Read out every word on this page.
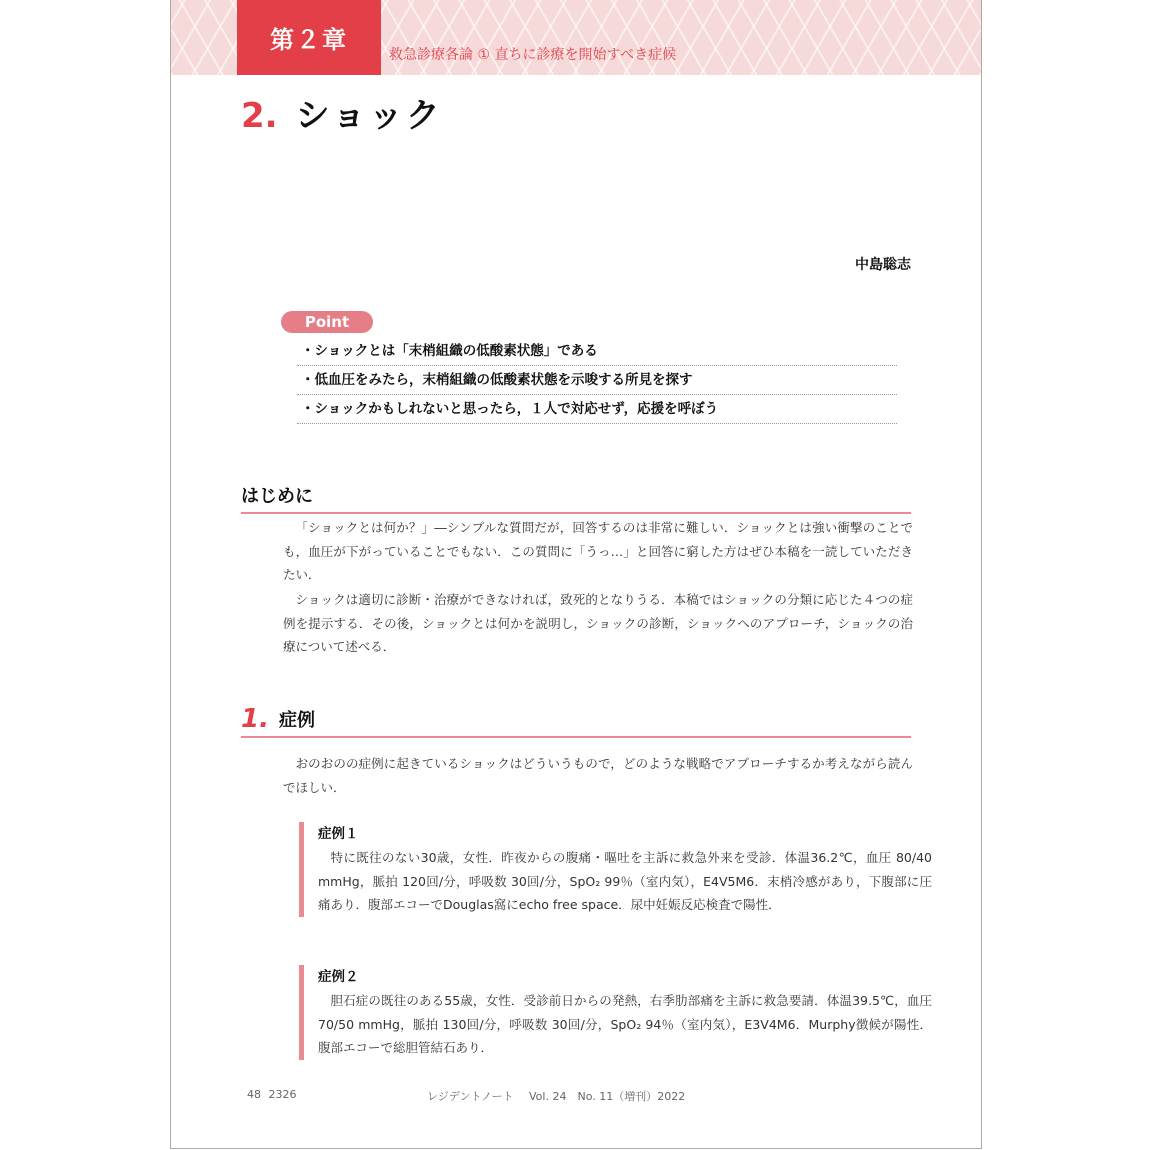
第２章
救急診療各論 ① 直ちに診療を開始すべき症候
2. ショック
中島聡志
Point
・ショックとは「末梢組織の低酸素状態」である
・低血圧をみたら，末梢組織の低酸素状態を示唆する所見を探す
・ショックかもしれないと思ったら，１人で対応せず，応援を呼ぼう
はじめに

「ショックとは何か？」―シンプルな質問だが，回答するのは非常に難しい．ショックとは強い衝撃のことでも，血圧が下がっていることでもない．この質問に「うっ…」と回答に窮した方はぜひ本稿を一読していただきたい．

ショックは適切に診断・治療ができなければ，致死的となりうる．本稿ではショックの分類に応じた４つの症例を提示する．その後，ショックとは何かを説明し，ショックの診断，ショックへのアプローチ，ショックの治療について述べる．

1. 症例

おのおのの症例に起きているショックはどういうもので，どのような戦略でアプローチするか考えながら読んでほしい．

症例１

特に既往のない30歳，女性．昨夜からの腹痛・嘔吐を主訴に救急外来を受診．体温36.2℃，血圧 80/40 mmHg，脈拍 120回/分，呼吸数 30回/分，SpO₂ 99％（室内気），E4V5M6．末梢冷感があり，下腹部に圧痛あり．腹部エコーでDouglas窩にecho free space．尿中妊娠反応検査で陽性．

症例２

胆石症の既往のある55歳，女性．受診前日からの発熱，右季肋部痛を主訴に救急要請．体温39.5℃，血圧 70/50 mmHg，脈拍 130回/分，呼吸数 30回/分，SpO₂ 94％（室内気），E3V4M6．Murphy徴候が陽性．腹部エコーで総胆管結石あり．

48 2326	レジデントノート Vol. 24　No. 11（増刊）2022
